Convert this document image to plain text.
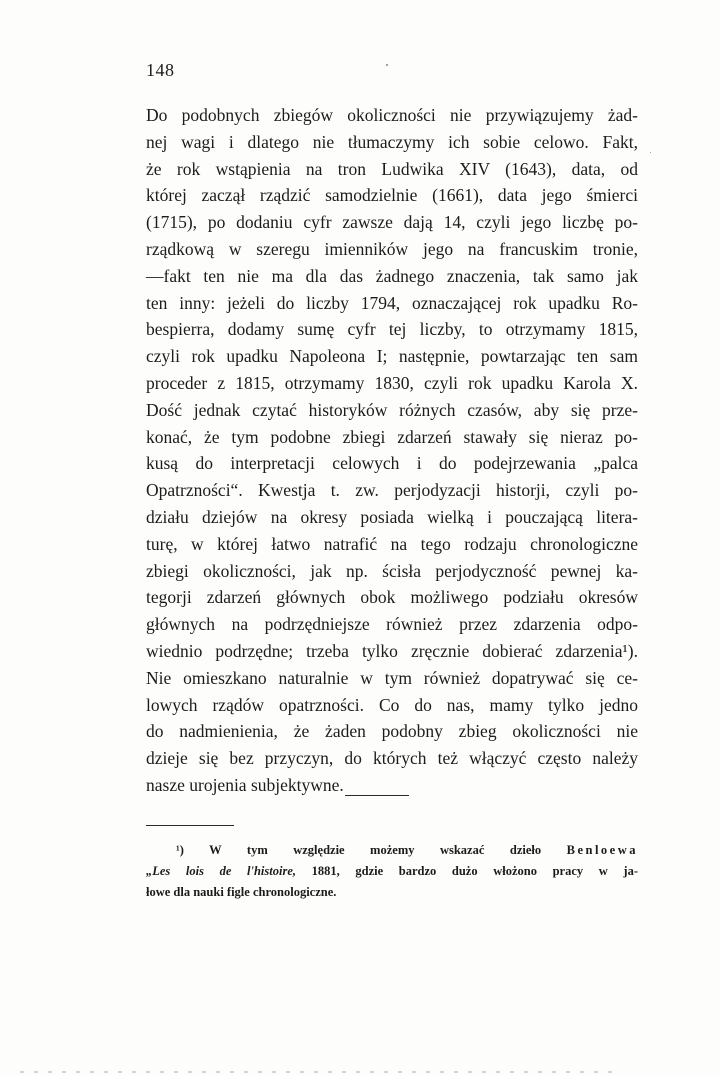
148
Do podobnych zbiegów okoliczności nie przywiązujemy żad-
nej wagi i dlatego nie tłumaczymy ich sobie celowo. Fakt,
że rok wstąpienia na tron Ludwika XIV (1643), data, od
której zaczął rządzić samodzielnie (1661), data jego śmierci
(1715), po dodaniu cyfr zawsze dają 14, czyli jego liczbę po-
rządkową w szeregu imienników jego na francuskim tronie,
—fakt ten nie ma dla das żadnego znaczenia, tak samo jak
ten inny: jeżeli do liczby 1794, oznaczającej rok upadku Ro-
bespierra, dodamy sumę cyfr tej liczby, to otrzymamy 1815,
czyli rok upadku Napoleona I; następnie, powtarzając ten sam
proceder z 1815, otrzymamy 1830, czyli rok upadku Karola X.
Dość jednak czytać historyków różnych czasów, aby się prze-
konać, że tym podobne zbiegi zdarzeń stawały się nieraz po-
kusą do interpretacji celowych i do podejrzewania „palca
Opatrzności“. Kwestja t. zw. perjodyzacji historji, czyli po-
działu dziejów na okresy posiada wielką i pouczającą litera-
turę, w której łatwo natrafić na tego rodzaju chronologiczne
zbiegi okoliczności, jak np. ścisła perjodyczność pewnej ka-
tegorji zdarzeń głównych obok możliwego podziału okresów
głównych na podrzędniejsze również przez zdarzenia odpo-
wiednio podrzędne; trzeba tylko zręcznie dobierać zdarzenia¹).
Nie omieszkano naturalnie w tym również dopatrywać się ce-
lowych rządów opatrzności. Co do nas, mamy tylko jedno
do nadmienienia, że żaden podobny zbieg okoliczności nie
dzieje się bez przyczyn, do których też włączyć często należy
nasze urojenia subjektywne.
¹) W tym względzie możemy wskazać dzieło Benloewa
„Les lois de l'histoire, 1881, gdzie bardzo dużo włożono pracy w ja-
łowe dla nauki figle chronologiczne.
